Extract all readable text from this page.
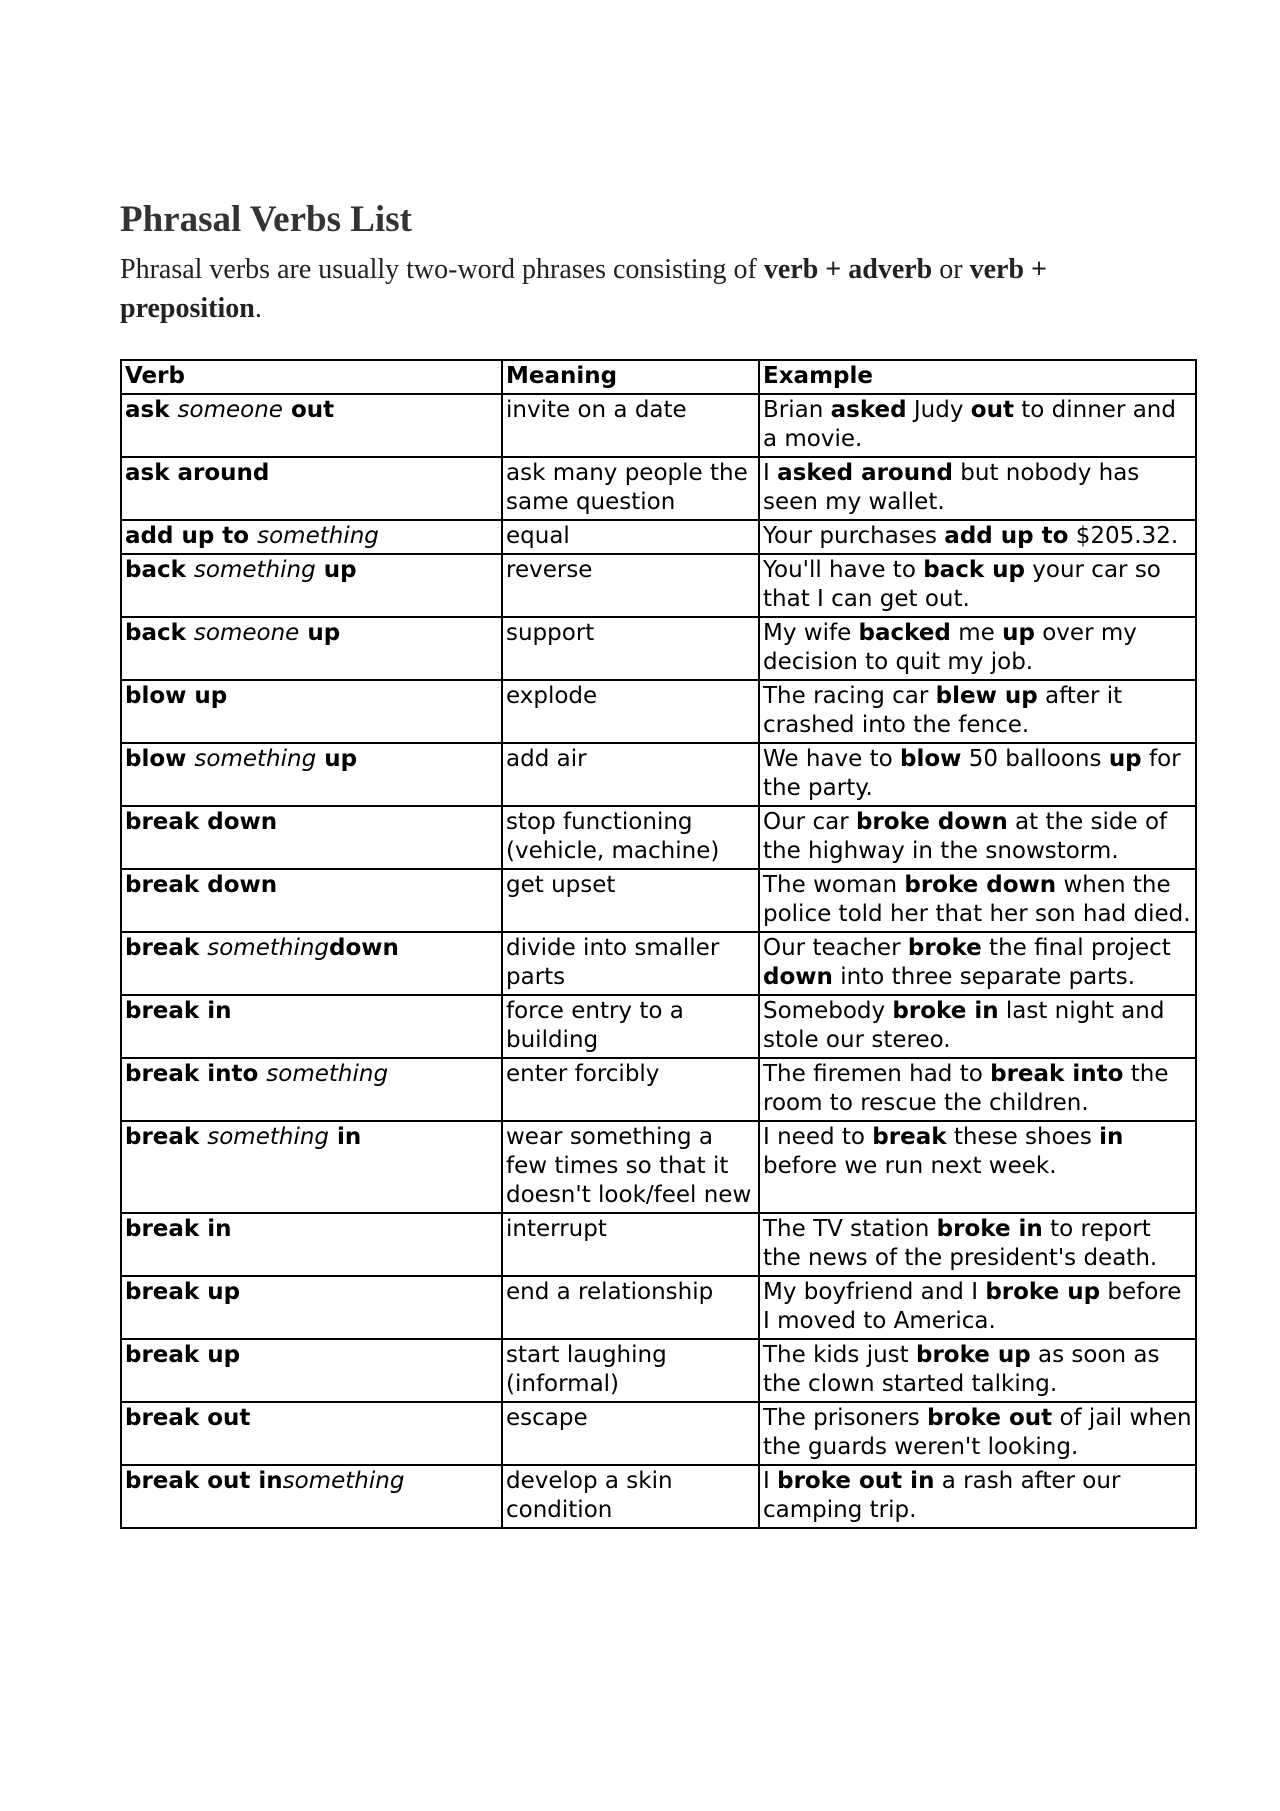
Phrasal Verbs List

Phrasal verbs are usually two-word phrases consisting of verb + adverb or verb + preposition.

Verb	Meaning	Example
ask someone out	invite on a date	Brian asked Judy out to dinner and a movie.
ask around	ask many people the same question	I asked around but nobody has seen my wallet.
add up to something	equal	Your purchases add up to $205.32.
back something up	reverse	You'll have to back up your car so that I can get out.
back someone up	support	My wife backed me up over my decision to quit my job.
blow up	explode	The racing car blew up after it crashed into the fence.
blow something up	add air	We have to blow 50 balloons up for the party.
break down	stop functioning (vehicle, machine)	Our car broke down at the side of the highway in the snowstorm.
break down	get upset	The woman broke down when the police told her that her son had died.
break somethingdown	divide into smaller parts	Our teacher broke the final project down into three separate parts.
break in	force entry to a building	Somebody broke in last night and stole our stereo.
break into something	enter forcibly	The firemen had to break into the room to rescue the children.
break something in	wear something a few times so that it doesn't look/feel new	I need to break these shoes in before we run next week.
break in	interrupt	The TV station broke in to report the news of the president's death.
break up	end a relationship	My boyfriend and I broke up before I moved to America.
break up	start laughing (informal)	The kids just broke up as soon as the clown started talking.
break out	escape	The prisoners broke out of jail when the guards weren't looking.
break out insomething	develop a skin condition	I broke out in a rash after our camping trip.
